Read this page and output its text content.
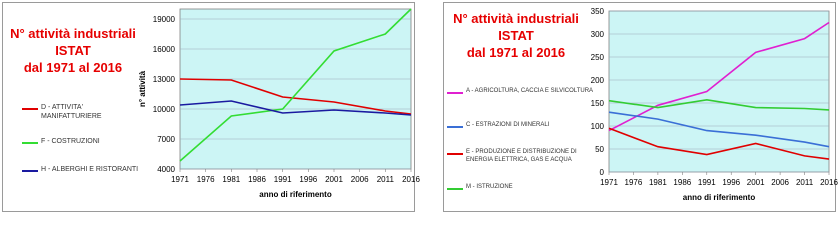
N° attività industriali
ISTAT
dal 1971 al 2016
D - ATTIVITA' MANIFATTURIERE
F - COSTRUZIONI
H - ALBERGHI E RISTORANTI	4000
7000
10000
13000
16000
19000
1971 1976 1981 1986 1991 1996 2001 2006 2011 2016
anno di riferimento
n° attività
N° attività industriali
ISTAT
dal 1971 al 2016
A - AGRICOLTURA, CACCIA E SILVICOLTURA
C - ESTRAZIONI DI MINERALI
E - PRODUZIONE E DISTRIBUZIONE DI ENERGIA ELETTRICA, GAS E ACQUA
M - ISTRUZIONE
0
50
100
150
200
250
300
350
1971 1976 1981 1986 1991 1996 2001 2006 2011 2016
anno di riferimento
